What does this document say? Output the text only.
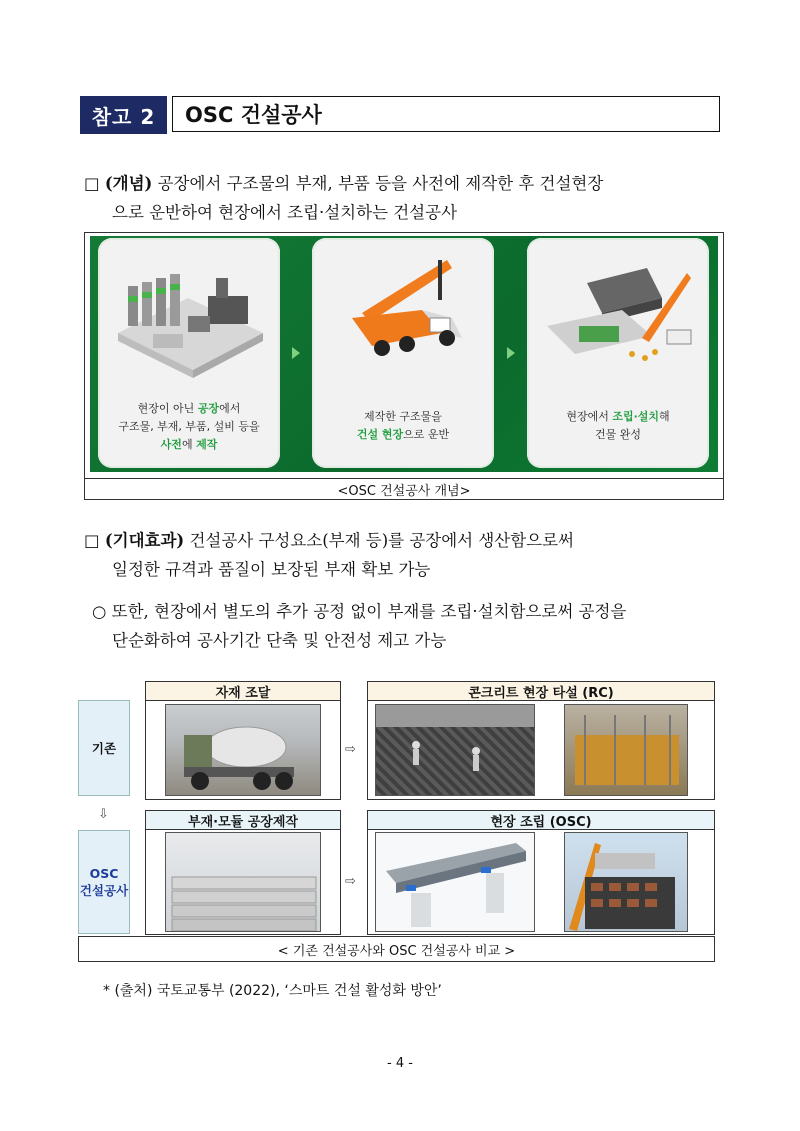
참고 2	OSC 건설공사
□ (개념) 공장에서 구조물의 부재, 부품 등을 사전에 제작한 후 건설현장
으로 운반하여 현장에서 조립·설치하는 건설공사
현장이 아닌 공장에서
구조물, 부재, 부품, 설비 등을
사전에 제작
제작한 구조물을
건설 현장으로 운반
현장에서 조립·설치해
건물 완성
<OSC 건설공사 개념>
□ (기대효과) 건설공사 구성요소(부재 등)를 공장에서 생산함으로써
일정한 규격과 품질이 보장된 부재 확보 가능
○ 또한, 현장에서 별도의 추가 공정 없이 부재를 조립·설치함으로써 공정을
단순화하여 공사기간 단축 및 안전성 제고 가능
기존
자재 조달
⇨
콘크리트 현장 타설 (RC)
⇩
OSC
건설공사
부재·모듈 공장제작
⇨
현장 조립 (OSC)
< 기존 건설공사와 OSC 건설공사 비교 >
* (출처) 국토교통부 (2022), ‘스마트 건설 활성화 방안’
- 4 -
